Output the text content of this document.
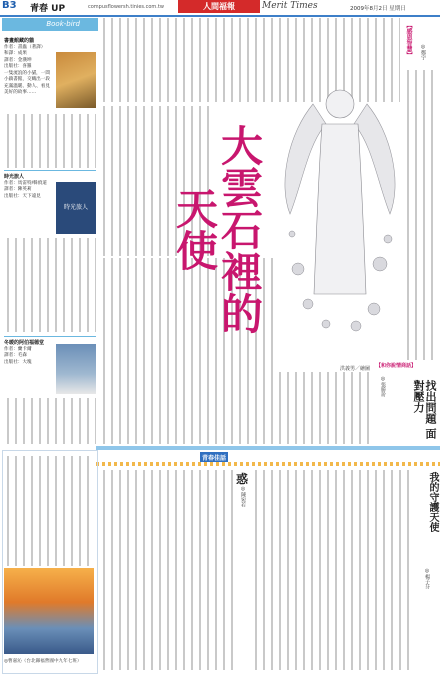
B3 青春 UP	compusflowersh.tinies.com.tw	人間福報	Merit Times	2009年8月2日 星期日
Book-bird
書畫館藏的貓
作者：書蟲（著譯）
和譯：成果
譯者：金漢坤
出版社：喜羅
一隻流浪的小貓，一間小鎮書館，交織出一段充滿溫暖、動人、看見美好的故事……
時光旅人
作者：馬雷特/韓偵道
譯者：陳英莉
出版社：天下遠見
時光旅人
冬暖的阿伯福德堂
作者：蘭卡爾
譯者：毛森
出版社：大塊
【感恩智慧】 ◎鄭宇
大雲石裡的天使
洪義男／繪圖 【和你說情商話】
◎張勝玠	找出問題 面對壓力
青春佳話
◎曹嘉沁（台北縣福營國中九年七班）
惑
◎陳宛若	我的守護天使
◎楊子芬
